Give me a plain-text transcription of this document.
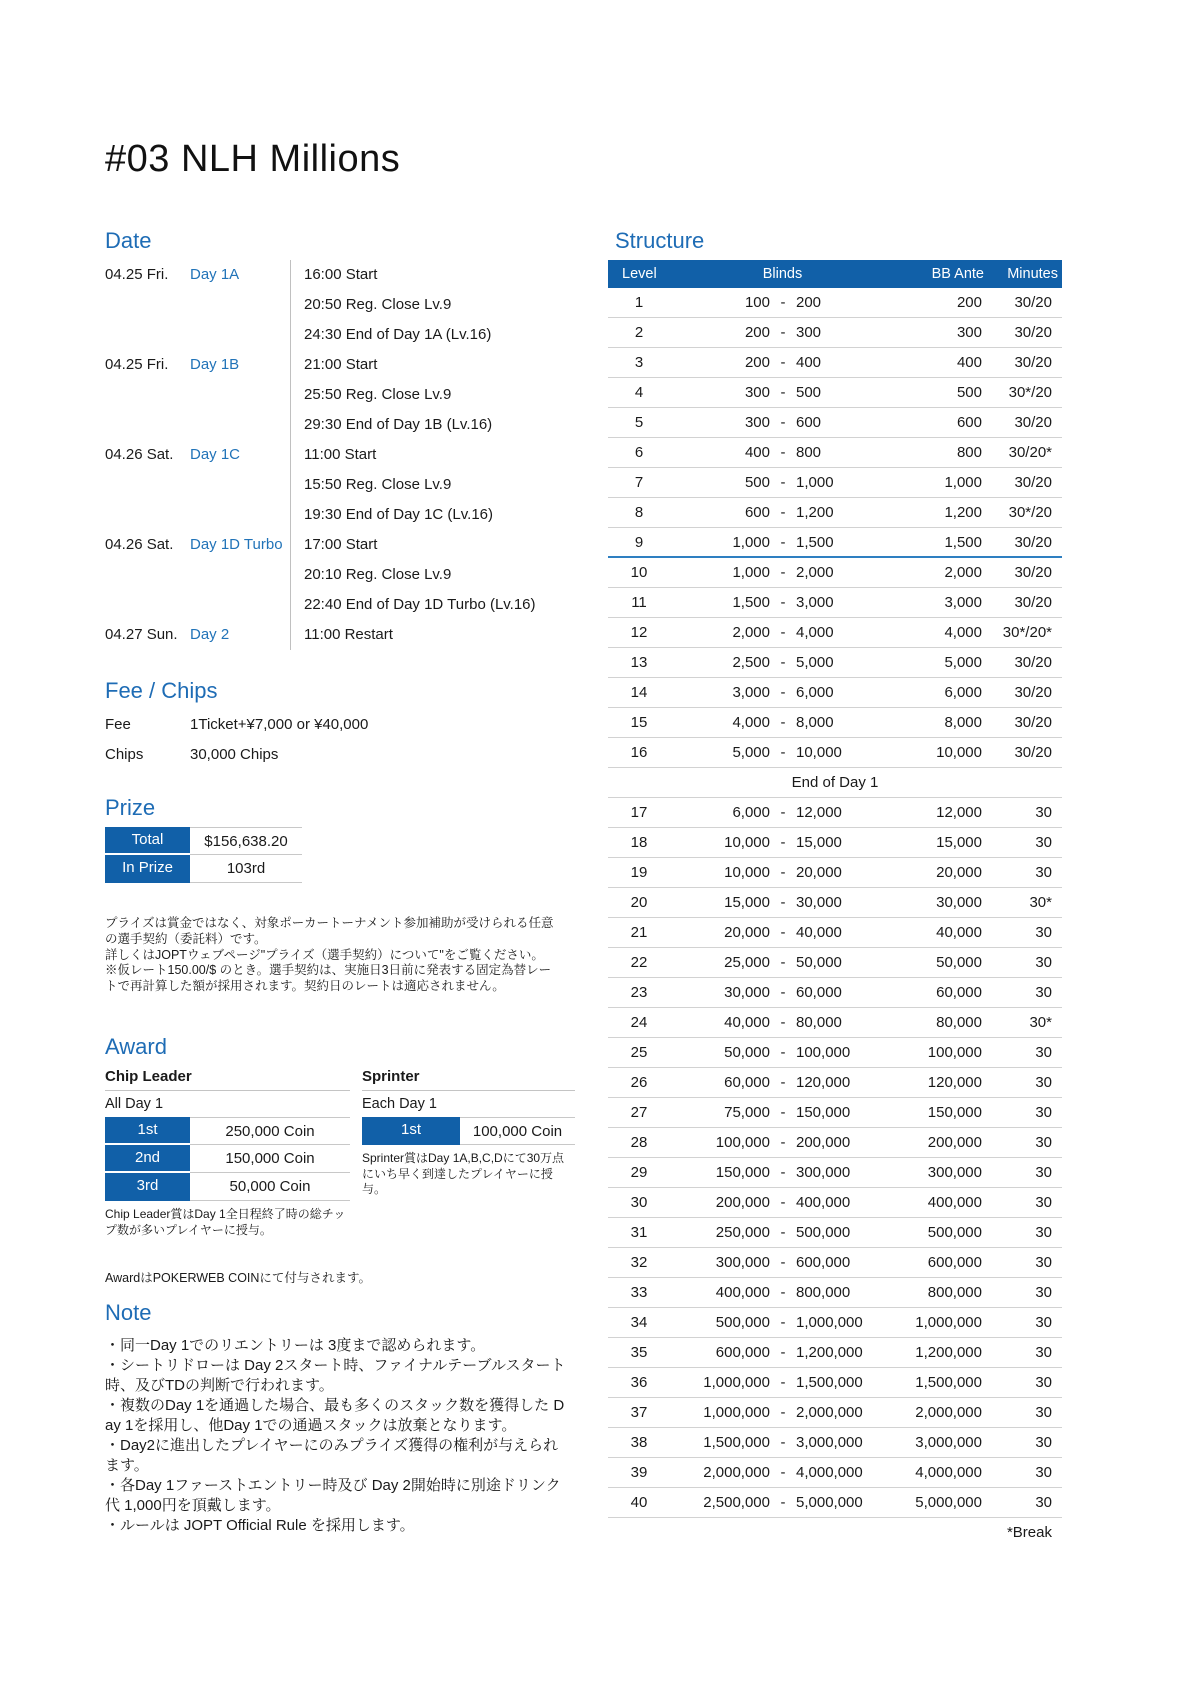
#03 NLH Millions
Date
04.25 Fri.	Day 1A	16:00 Start
20:50 Reg. Close Lv.9
24:30 End of Day 1A (Lv.16)
04.25 Fri.	Day 1B	21:00 Start
25:50 Reg. Close Lv.9
29:30 End of Day 1B (Lv.16)
04.26 Sat.	Day 1C	11:00 Start
15:50 Reg. Close Lv.9
19:30 End of Day 1C (Lv.16)
04.26 Sat.	Day 1D Turbo	17:00 Start
20:10 Reg. Close Lv.9
22:40 End of Day 1D Turbo (Lv.16)
04.27 Sun. Day 2	11:00 Restart
Fee / Chips
Fee	1Ticket+¥7,000 or ¥40,000
Chips	30,000 Chips
Prize
Total	$156,638.20
In Prize	103rd

プライズは賞金ではなく、対象ポーカートーナメント参加補助が受けられる任意の選手契約（委託料）です。

詳しくはJOPTウェブページ"プライズ（選手契約）について"をご覧ください。

※仮レート150.00/$ のとき。選手契約は、実施日3日前に発表する固定為替レートで再計算した額が採用されます。契約日のレートは適応されません。

Award
Chip Leader
All Day 1
1st	250,000 Coin
2nd	150,000 Coin
3rd	50,000 Coin
Chip Leader賞はDay 1全日程終了時の総チップ数が多いプレイヤーに授与。
Sprinter
Each Day 1
1st	100,000 Coin
Sprinter賞はDay 1A,B,C,Dにて30万点にいち早く到達したプレイヤーに授与。
AwardはPOKERWEB COINにて付与されます。
Note
・同一Day 1でのリエントリーは 3度まで認められます。
・シートリドローは Day 2スタート時、ファイナルテーブルスタート時、及びTDの判断で行われます。
・複数のDay 1を通過した場合、最も多くのスタック数を獲得した Day 1を採用し、他Day 1での通過スタックは放棄となります。
・Day2に進出したプレイヤーにのみプライズ獲得の権利が与えられます。
・各Day 1ファーストエントリー時及び Day 2開始時に別途ドリンク代 1,000円を頂戴します。
・ルールは JOPT Official Rule を採用します。
Structure
Level	Blinds	BB Ante	Minutes
1	100 - 200	200	30/20
2	200 - 300	300	30/20
3	200 - 400	400	30/20
4	300 - 500	500	30*/20
5	300 - 600	600	30/20
6	400 - 800	800	30/20*
7	500 - 1,000	1,000	30/20
8	600 - 1,200	1,200	30*/20
9	1,000 - 1,500	1,500	30/20
10	1,000 - 2,000	2,000	30/20
11	1,500 - 3,000	3,000	30/20
12	2,000 - 4,000	4,000	30*/20*
13	2,500 - 5,000	5,000	30/20
14	3,000 - 6,000	6,000	30/20
15	4,000 - 8,000	8,000	30/20
16	5,000 - 10,000	10,000	30/20
End of Day 1
17	6,000 - 12,000	12,000	30
18	10,000 - 15,000	15,000	30
19	10,000 - 20,000	20,000	30
20	15,000 - 30,000	30,000	30*
21	20,000 - 40,000	40,000	30
22	25,000 - 50,000	50,000	30
23	30,000 - 60,000	60,000	30
24	40,000 - 80,000	80,000	30*
25	50,000 - 100,000	100,000	30
26	60,000 - 120,000	120,000	30
27	75,000 - 150,000	150,000	30
28	100,000 - 200,000	200,000	30
29	150,000 - 300,000	300,000	30
30	200,000 - 400,000	400,000	30
31	250,000 - 500,000	500,000	30
32	300,000 - 600,000	600,000	30
33	400,000 - 800,000	800,000	30
34	500,000 - 1,000,000	1,000,000	30
35	600,000 - 1,200,000	1,200,000	30
36	1,000,000 - 1,500,000	1,500,000	30
37	1,000,000 - 2,000,000	2,000,000	30
38	1,500,000 - 3,000,000	3,000,000	30
39	2,000,000 - 4,000,000	4,000,000	30
40	2,500,000 - 5,000,000	5,000,000	30
*Break
